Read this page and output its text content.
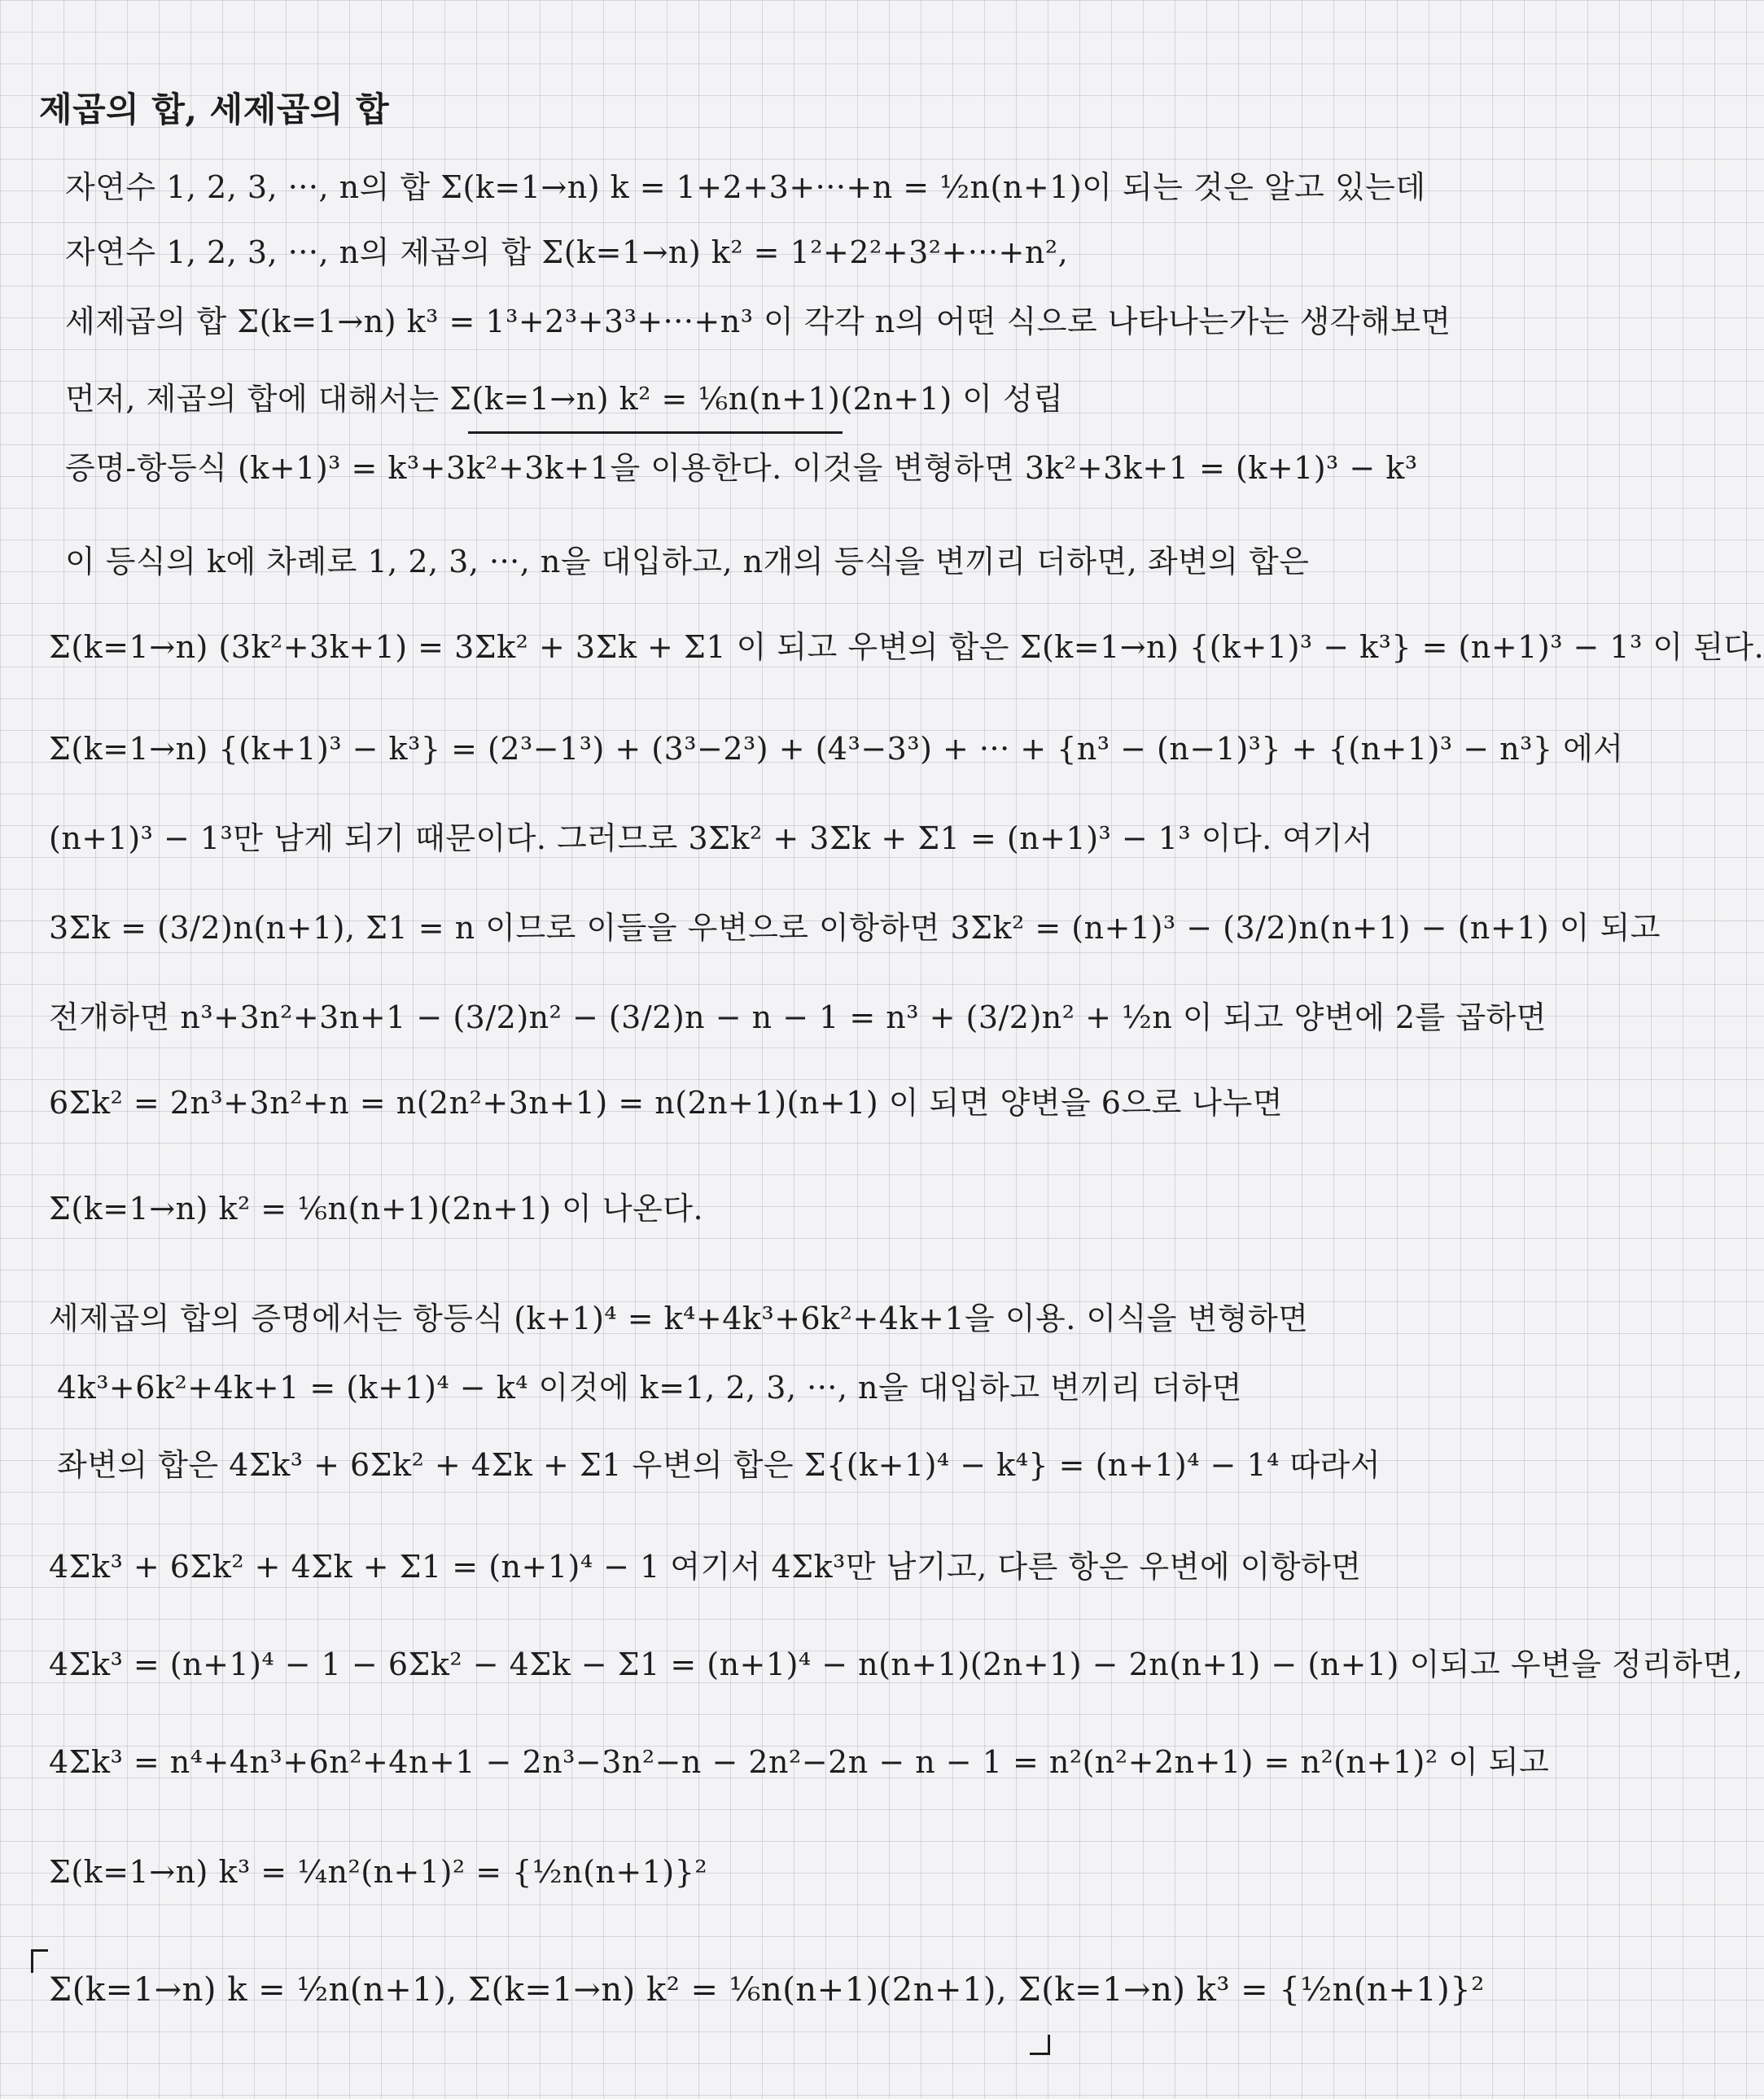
제곱의 합, 세제곱의 합
자연수 1, 2, 3, ···, n의 합 Σ(k=1→n) k = 1+2+3+···+n = ½n(n+1)이 되는 것은 알고 있는데
자연수 1, 2, 3, ···, n의 제곱의 합 Σ(k=1→n) k² = 1²+2²+3²+···+n²,
세제곱의 합 Σ(k=1→n) k³ = 1³+2³+3³+···+n³ 이 각각 n의 어떤 식으로 나타나는가는 생각해보면
먼저, 제곱의 합에 대해서는 Σ(k=1→n) k² = ⅙n(n+1)(2n+1) 이 성립
증명-항등식 (k+1)³ = k³+3k²+3k+1을 이용한다. 이것을 변형하면 3k²+3k+1 = (k+1)³ − k³
이 등식의 k에 차례로 1, 2, 3, ···, n을 대입하고, n개의 등식을 변끼리 더하면, 좌변의 합은
Σ(k=1→n) (3k²+3k+1) = 3Σk² + 3Σk + Σ1 이 되고 우변의 합은 Σ(k=1→n) {(k+1)³ − k³} = (n+1)³ − 1³ 이 된다.
Σ(k=1→n) {(k+1)³ − k³} = (2³−1³) + (3³−2³) + (4³−3³) + ··· + {n³ − (n−1)³} + {(n+1)³ − n³} 에서
(n+1)³ − 1³만 남게 되기 때문이다. 그러므로 3Σk² + 3Σk + Σ1 = (n+1)³ − 1³ 이다. 여기서
3Σk = (3/2)n(n+1), Σ1 = n 이므로 이들을 우변으로 이항하면 3Σk² = (n+1)³ − (3/2)n(n+1) − (n+1) 이 되고
전개하면 n³+3n²+3n+1 − (3/2)n² − (3/2)n − n − 1 = n³ + (3/2)n² + ½n 이 되고 양변에 2를 곱하면
6Σk² = 2n³+3n²+n = n(2n²+3n+1) = n(2n+1)(n+1) 이 되면 양변을 6으로 나누면
Σ(k=1→n) k² = ⅙n(n+1)(2n+1) 이 나온다.
세제곱의 합의 증명에서는 항등식 (k+1)⁴ = k⁴+4k³+6k²+4k+1을 이용. 이식을 변형하면
4k³+6k²+4k+1 = (k+1)⁴ − k⁴ 이것에 k=1, 2, 3, ···, n을 대입하고 변끼리 더하면
좌변의 합은 4Σk³ + 6Σk² + 4Σk + Σ1 우변의 합은 Σ{(k+1)⁴ − k⁴} = (n+1)⁴ − 1⁴ 따라서
4Σk³ + 6Σk² + 4Σk + Σ1 = (n+1)⁴ − 1 여기서 4Σk³만 남기고, 다른 항은 우변에 이항하면
4Σk³ = (n+1)⁴ − 1 − 6Σk² − 4Σk − Σ1 = (n+1)⁴ − n(n+1)(2n+1) − 2n(n+1) − (n+1) 이되고 우변을 정리하면,
4Σk³ = n⁴+4n³+6n²+4n+1 − 2n³−3n²−n − 2n²−2n − n − 1 = n²(n²+2n+1) = n²(n+1)² 이 되고
Σ(k=1→n) k³ = ¼n²(n+1)² = {½n(n+1)}²
Σ(k=1→n) k = ½n(n+1), Σ(k=1→n) k² = ⅙n(n+1)(2n+1), Σ(k=1→n) k³ = {½n(n+1)}²
